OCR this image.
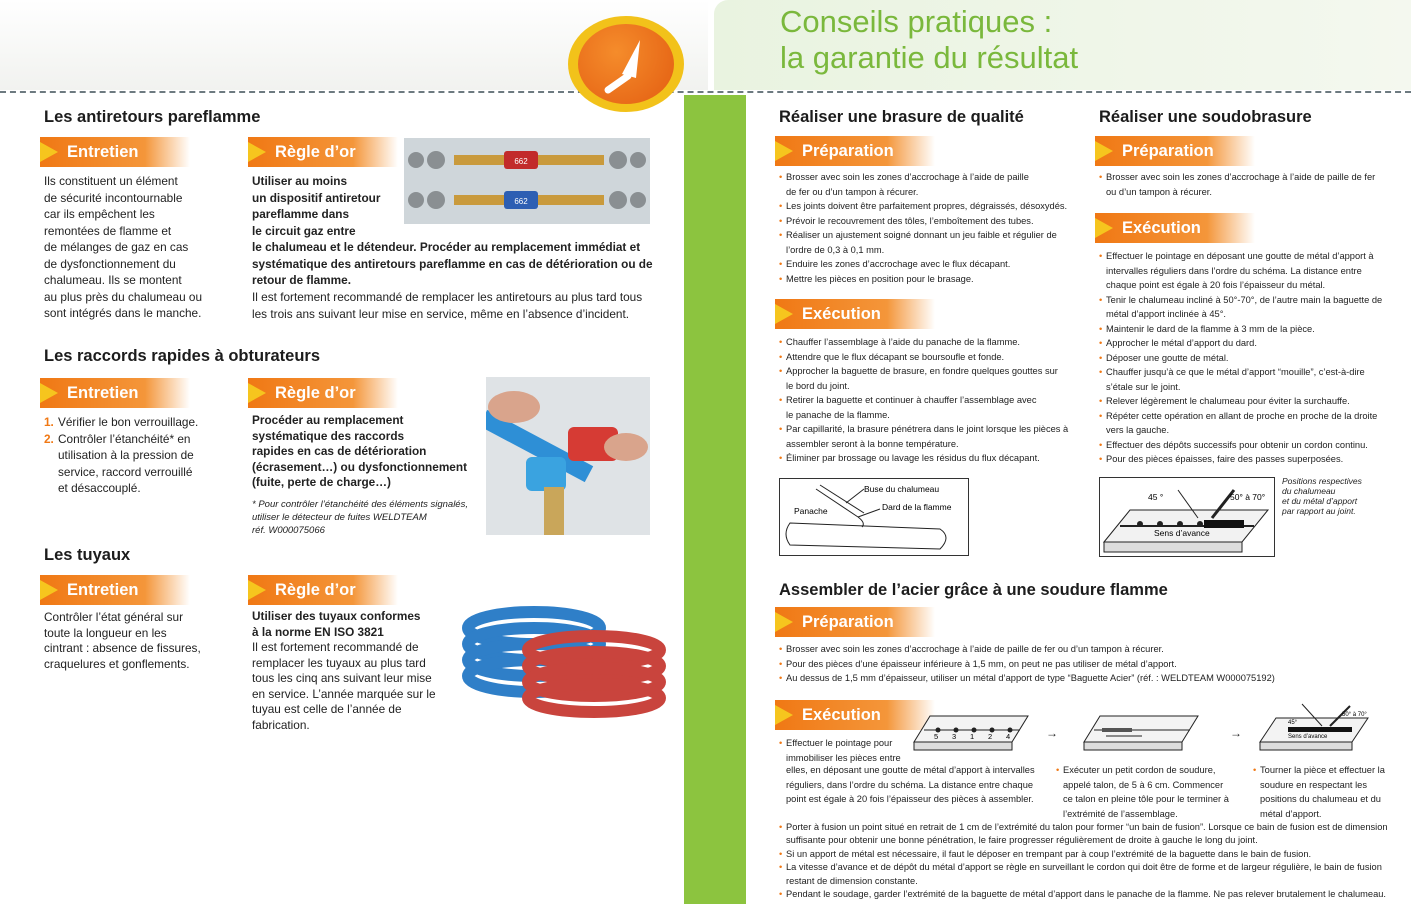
Conseils pratiques :
la garantie du résultat
Les antiretours pareflamme
Entretien
Ils constituent un élément
de sécurité incontournable
car ils empêchent les
remontées de flamme et
de mélanges de gaz en cas
de dysfonctionnement du
chalumeau. Ils se montent
au plus près du chalumeau ou
sont intégrés dans le manche.
Règle d’or
Utiliser au moins
un dispositif antiretour
pareflamme dans
le circuit gaz entre
le chalumeau et le détendeur. Procéder au remplacement immédiat et
systématique des antiretours pareflamme en cas de détérioration ou de
retour de flamme.
Il est fortement recommandé de remplacer les antiretours au plus tard tous
les trois ans suivant leur mise en service, même en l’absence d’incident.
662
662
Les raccords rapides à obturateurs
Entretien
1. Vérifier le bon verrouillage.
2. Contrôler l’étanchéité* en
utilisation à la pression de
service, raccord verrouillé
et désaccouplé.
Règle d’or
Procéder au remplacement
systématique des raccords
rapides en cas de détérioration
(écrasement…) ou dysfonctionnement
(fuite, perte de charge…)
* Pour contrôler l’étanchéité des éléments signalés,
utiliser le détecteur de fuites WELDTEAM
réf. W000075066
Les tuyaux
Entretien
Contrôler l’état général sur
toute la longueur en les
cintrant : absence de fissures,
craquelures et gonflements.
Règle d’or
Utiliser des tuyaux conformes
à la norme EN ISO 3821
Il est fortement recommandé de
remplacer les tuyaux au plus tard
tous les cinq ans suivant leur mise
en service. L’année marquée sur le
tuyau est celle de l’année de
fabrication.
Réaliser une brasure de qualité
Préparation
• Brosser avec soin les zones d’accrochage à l’aide de paille
de fer ou d’un tampon à récurer.
• Les joints doivent être parfaitement propres, dégraissés, désoxydés.
• Prévoir le recouvrement des tôles, l’emboîtement des tubes.
• Réaliser un ajustement soigné donnant un jeu faible et régulier de
l’ordre de 0,3 à 0,1 mm.
• Enduire les zones d’accrochage avec le flux décapant.
• Mettre les pièces en position pour le brasage.
Exécution
• Chauffer l’assemblage à l’aide du panache de la flamme.
• Attendre que le flux décapant se boursoufle et fonde.
• Approcher la baguette de brasure, en fondre quelques gouttes sur
le bord du joint.
• Retirer la baguette et continuer à chauffer l’assemblage avec
le panache de la flamme.
• Par capillarité, la brasure pénétrera dans le joint lorsque les pièces à
assembler seront à la bonne température.
• Éliminer par brossage ou lavage les résidus du flux décapant.
Buse du chalumeau
Panache	Dard de la flamme
Réaliser une soudobrasure
Préparation
• Brosser avec soin les zones d’accrochage à l’aide de paille de fer
ou d’un tampon à récurer.
Exécution
• Effectuer le pointage en déposant une goutte de métal d’apport à
intervalles réguliers dans l’ordre du schéma. La distance entre
chaque point est égale à 20 fois l’épaisseur du métal.
• Tenir le chalumeau incliné à 50°-70°, de l’autre main la baguette de
métal d’apport inclinée à 45°.
• Maintenir le dard de la flamme à 3 mm de la pièce.
• Approcher le métal d’apport du dard.
• Déposer une goutte de métal.
• Chauffer jusqu’à ce que le métal d’apport “mouille”, c’est-à-dire
s’étale sur le joint.
• Relever légèrement le chalumeau pour éviter la surchauffe.
• Répéter cette opération en allant de proche en proche de la droite
vers la gauche.
• Effectuer des dépôts successifs pour obtenir un cordon continu.
• Pour des pièces épaisses, faire des passes superposées.
45 °	50° à 70°
Sens d’avance
Positions respectives
du chalumeau
et du métal d’apport
par rapport au joint.
Assembler de l’acier grâce à une soudure flamme
Préparation
• Brosser avec soin les zones d’accrochage à l’aide de paille de fer ou d’un tampon à récurer.
• Pour des pièces d’une épaisseur inférieure à 1,5 mm, on peut ne pas utiliser de métal d’apport.
• Au dessus de 1,5 mm d’épaisseur, utiliser un métal d’apport de type “Baguette Acier” (réf. : WELDTEAM W000075192)
Exécution
• Effectuer le pointage pour
immobiliser les pièces entre
elles, en déposant une goutte de métal d’apport à intervalles
réguliers, dans l’ordre du schéma. La distance entre chaque
point est égale à 20 fois l’épaisseur des pièces à assembler.
• Exécuter un petit cordon de soudure,
appelé talon, de 5 à 6 cm. Commencer
ce talon en pleine tôle pour le terminer à
l’extrémité de l’assemblage.
• Tourner la pièce et effectuer la
soudure en respectant les
positions du chalumeau et du
métal d’apport.
5 3 1 2 4	→	→
45°
50° à 70°
Sens d’avance
• Porter à fusion un point situé en retrait de 1 cm de l’extrémité du talon pour former “un bain de fusion”. Lorsque ce bain de fusion est de dimension
suffisante pour obtenir une bonne pénétration, le faire progresser régulièrement de droite à gauche le long du joint.
• Si un apport de métal est nécessaire, il faut le déposer en trempant par à coup l’extrémité de la baguette dans le bain de fusion.
• La vitesse d’avance et de dépôt du métal d’apport se règle en surveillant le cordon qui doit être de forme et de largeur régulière, le bain de fusion
restant de dimension constante.
• Pendant le soudage, garder l’extrémité de la baguette de métal d’apport dans le panache de la flamme. Ne pas relever brutalement le chalumeau.
